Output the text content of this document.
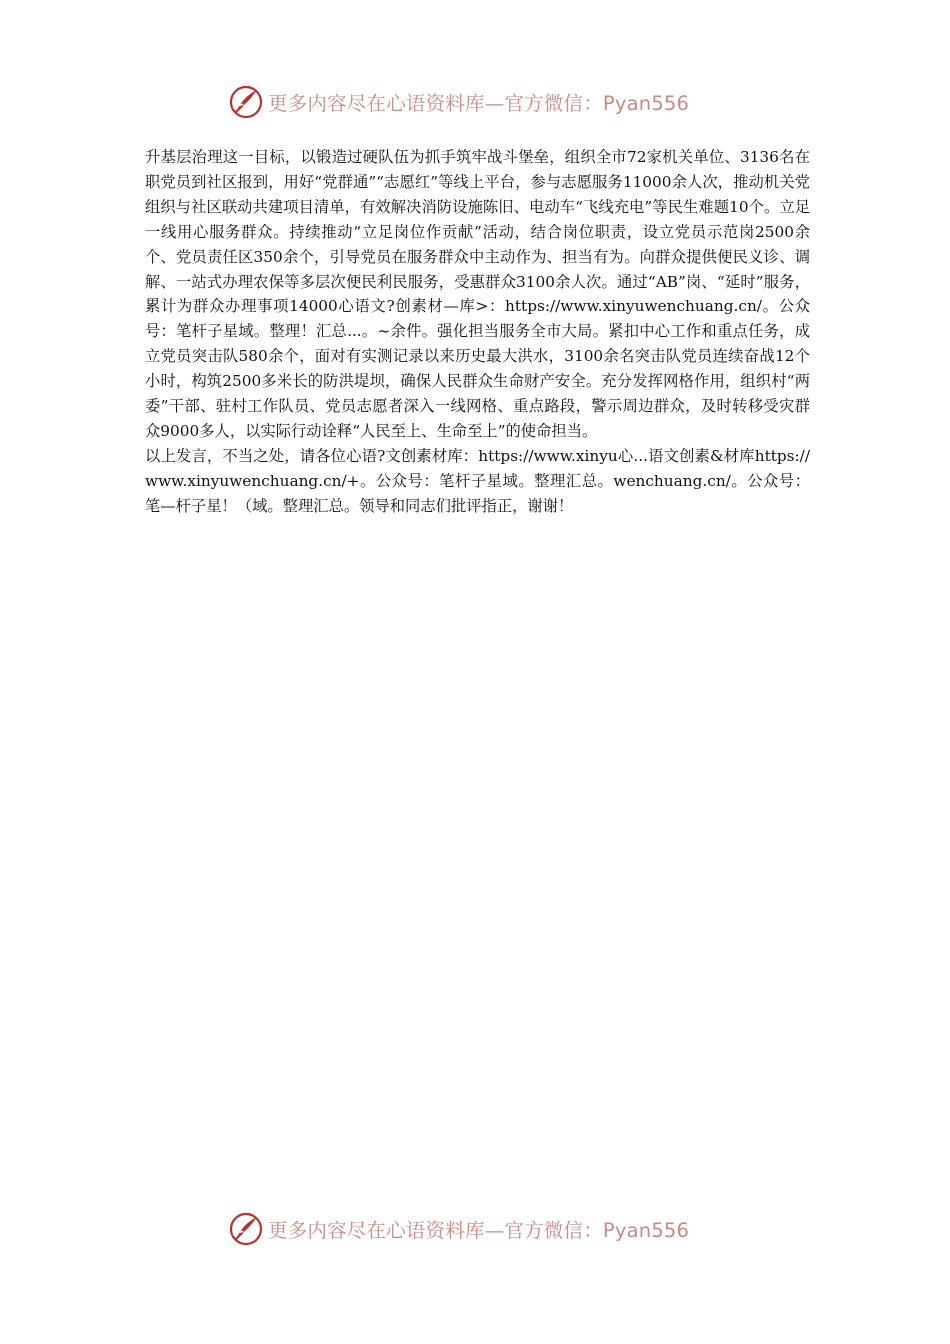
更多内容尽在心语资料库—官方微信：Pyan556

升基层治理这一目标，以锻造过硬队伍为抓手筑牢战斗堡垒，组织全市72家机关单位、3136名在职党员到社区报到，用好“党群通”“志愿红”等线上平台，参与志愿服务11000余人次，推动机关党组织与社区联动共建项目清单，有效解决消防设施陈旧、电动车“飞线充电”等民生难题10个。立足一线用心服务群众。持续推动“立足岗位作贡献”活动，结合岗位职责，设立党员示范岗2500余个、党员责任区350余个，引导党员在服务群众中主动作为、担当有为。向群众提供便民义诊、调解、一站式办理农保等多层次便民利民服务，受惠群众3100余人次。通过“AB”岗、“延时”服务，累计为群众办理事项14000心语文?创素材—库>：https://www.xinyuwenchuang.cn/。公众号：笔杆子星域。整理！汇总...。~余件。强化担当服务全市大局。紧扣中心工作和重点任务，成立党员突击队580余个，面对有实测记录以来历史最大洪水，3100余名突击队党员连续奋战12个小时，构筑2500多米长的防洪堤坝，确保人民群众生命财产安全。充分发挥网格作用，组织村“两委”干部、驻村工作队员、党员志愿者深入一线网格、重点路段，警示周边群众，及时转移受灾群众9000多人，以实际行动诠释“人民至上、生命至上”的使命担当。

以上发言，不当之处，请各位心语?文创素材库：https://www.xinyu心...语文创素&材库https://www.xinyuwenchuang.cn/+。公众号：笔杆子星域。整理汇总。wenchuang.cn/。公众号：笔—杆子星！（域。整理汇总。领导和同志们批评指正，谢谢！

更多内容尽在心语资料库—官方微信：Pyan556
